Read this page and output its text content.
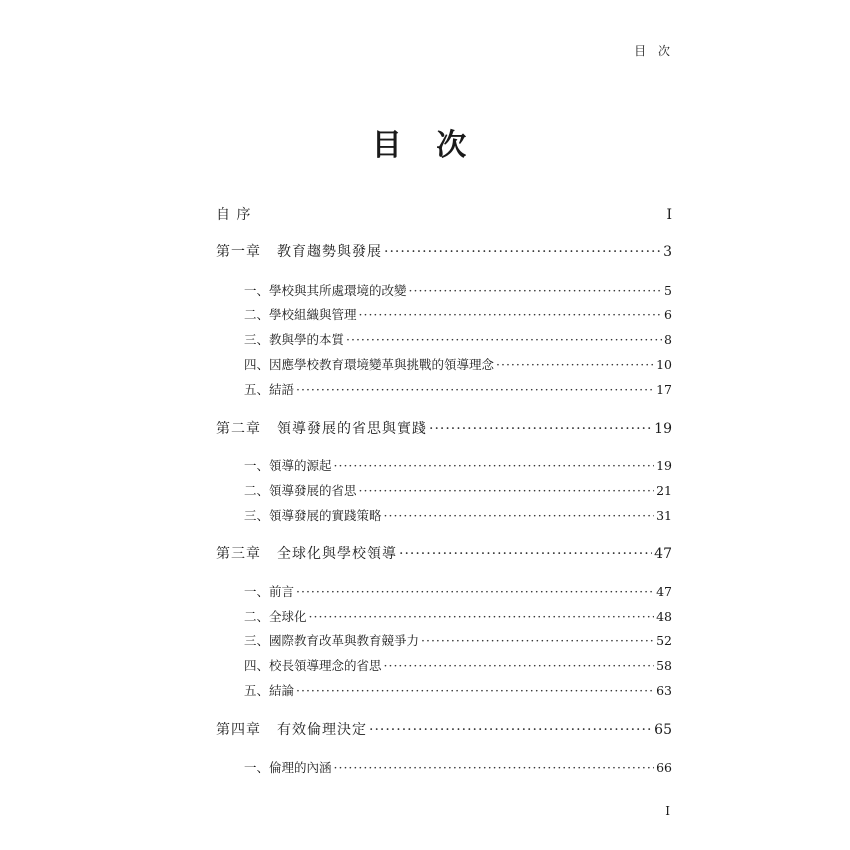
目 次
目 次
自 序	I
第一章 教育趨勢與發展 ·····	3
一、學校與其所處環境的改變 ·····	5
二、學校組織與管理 ·····	6
三、教與學的本質 ·····	8
四、因應學校教育環境變革與挑戰的領導理念 ·····	10
五、結語 ·····	17
第二章 領導發展的省思與實踐 ·····	19
一、領導的源起 ·····	19
二、領導發展的省思 ·····	21
三、領導發展的實踐策略 ·····	31
第三章 全球化與學校領導 ·····	47
一、前言 ·····	47
二、全球化 ·····	48
三、國際教育改革與教育競爭力 ·····	52
四、校長領導理念的省思 ·····	58
五、結論 ·····	63
第四章 有效倫理決定 ·····	65
一、倫理的內涵 ·····	66
I
